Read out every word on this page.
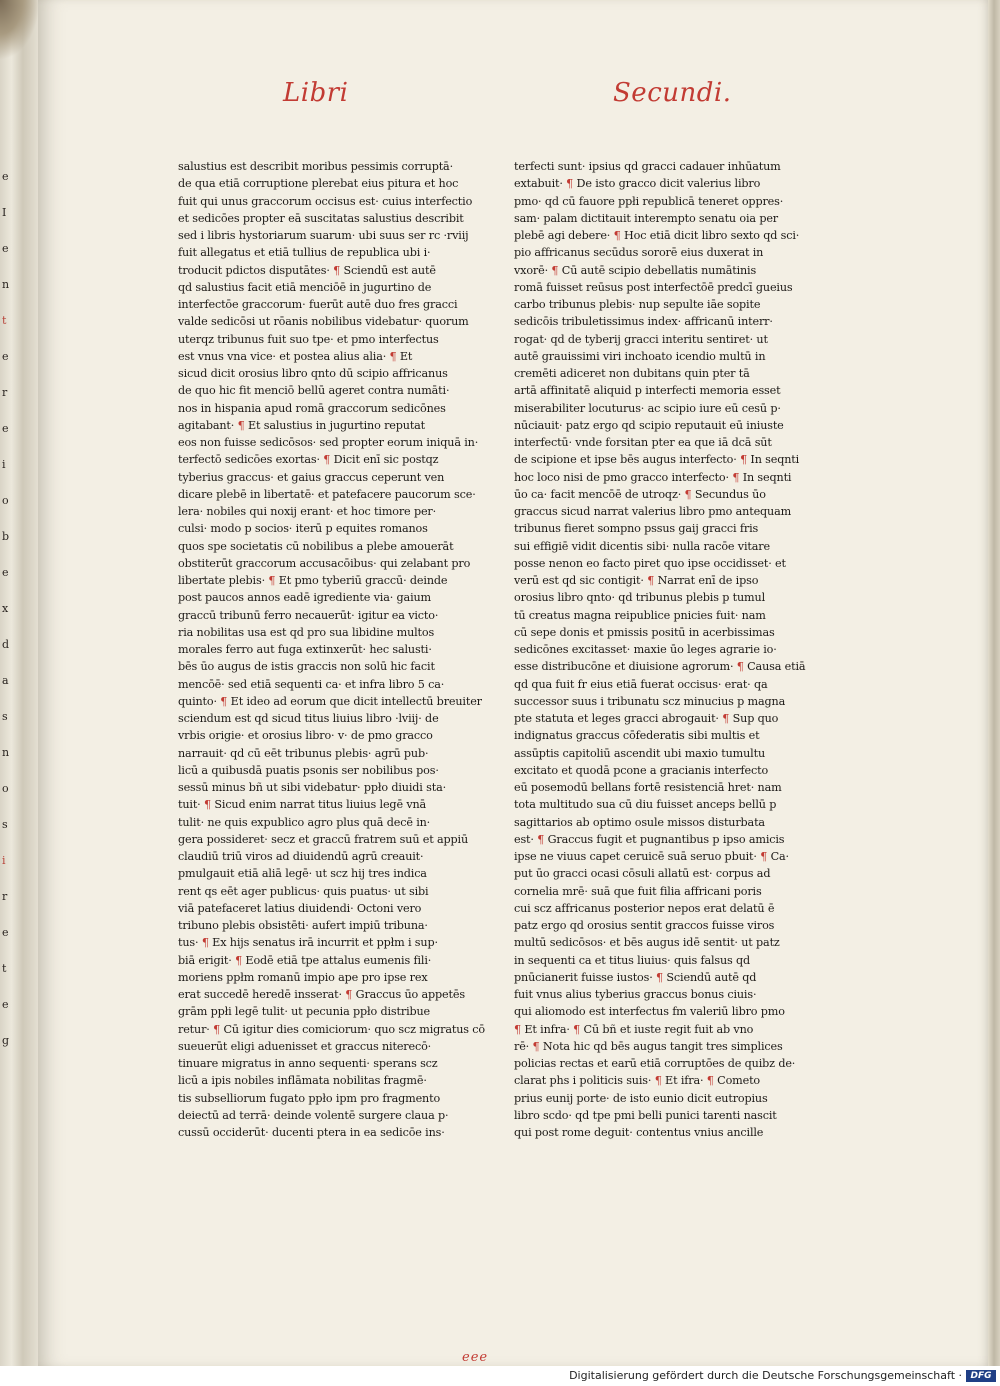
e
I
e
n
t
e
r
e
i
o
b
e
x
d
a
s
n
o
s
i
r
e
t
e
g
Libri	Secundi.
salustius est describit moribus pessimis corruptā·
de qua etiā corruptione plerebat eius pitura et hoc
fuit qui unus graccorum occisus est· cuius interfectio
et sedicōes propter eā suscitatas salustius describit
sed i libris hystoriarum suarum· ubi suus ser rc ·rviij
fuit allegatus et etiā tullius de republica ubi i·
troducit pdictos disputātes· ¶ Sciendū est autē
qd salustius facit etiā menciōē in jugurtino de
interfectōe graccorum· fuerūt autē duo fres gracci
valde sedicōsi ut rōanis nobilibus videbatur· quorum
uterqz tribunus fuit suo tpe· et pmo interfectus
est vnus vna vice· et postea alius alia· ¶ Et
sicud dicit orosius libro qnto dū scipio affricanus
de quo hic fit menciō bellū ageret contra numāti·
nos in hispania apud romā graccorum sedicōnes
agitabant· ¶ Et salustius in jugurtino reputat
eos non fuisse sedicōsos· sed propter eorum iniquā in·
terfectō sedicōes exortas· ¶ Dicit enī sic postqz
tyberius graccus· et gaius graccus ceperunt ven
dicare plebē in libertatē· et patefacere paucorum sce·
lera· nobiles qui noxij erant· et hoc timore per·
culsi· modo p socios· iterū p equites romanos
quos spe societatis cū nobilibus a plebe amouerāt
obstiterūt graccorum accusacōibus· qui zelabant pro
libertate plebis· ¶ Et pmo tyberiū graccū· deinde
post paucos annos eadē igrediente via· gaium
graccū tribunū ferro necauerūt· igitur ea victo·
ria nobilitas usa est qd pro sua libidine multos
morales ferro aut fuga extinxerūt· hec salusti·
bēs ūo augus de istis graccis non solū hic facit
mencōē· sed etiā sequenti ca· et infra libro 5 ca·
quinto· ¶ Et ideo ad eorum que dicit intellectū breuiter
sciendum est qd sicud titus liuius libro ·lviij· de
vrbis origie· et orosius libro· v· de pmo gracco
narrauit· qd cū eēt tribunus plebis· agrū pub·
licū a quibusdā puatis psonis ser nobilibus pos·
sessū minus bñ ut sibi videbatur· ppło diuidi sta·
tuit· ¶ Sicud enim narrat titus liuius legē vnā
tulit· ne quis expublico agro plus quā decē in·
gera possideret· secz et graccū fratrem suū et appiū
claudiū triū viros ad diuidendū agrū creauit·
pmulgauit etiā aliā legē· ut scz hij tres indica
rent qs eēt ager publicus· quis puatus· ut sibi
viā patefaceret latius diuidendi· Octoni vero
tribuno plebis obsistēti· aufert impiū tribuna·
tus· ¶ Ex hijs senatus irā incurrit et ppłm i sup·
biā erigit· ¶ Eodē etiā tpe attalus eumenis fili·
moriens ppłm romanū impio ape pro ipse rex
erat succedē heredē insserat· ¶ Graccus ūo appetēs
grām ppłi legē tulit· ut pecunia ppło distribue
retur· ¶ Cū igitur dies comiciorum· quo scz migratus cō
sueuerūt eligi aduenisset et graccus niterecō·
tinuare migratus in anno sequenti· sperans scz
licū a ipis nobiles inflāmata nobilitas fragmē·
tis subselliorum fugato ppło ipm pro fragmento
deiectū ad terrā· deinde volentē surgere claua p·
cussū occiderūt· ducenti ptera in ea sedicōe ins·
terfecti sunt· ipsius qd gracci cadauer inhūatum
extabuit· ¶ De isto gracco dicit valerius libro
pmo· qd cū fauore ppłi republicā teneret oppres·
sam· palam dictitauit interempto senatu oia per
plebē agi debere· ¶ Hoc etiā dicit libro sexto qd sci·
pio affricanus secūdus sororē eius duxerat in
vxorē· ¶ Cū autē scipio debellatis numātinis
romā fuisset reūsus post interfectōē predcī gueius
carbo tribunus plebis· nup sepulte iāe sopite
sedicōis tribuletissimus index· affricanū interr·
rogat· qd de tyberij gracci interitu sentiret· ut
autē grauissimi viri inchoato icendio multū in
cremēti adiceret non dubitans quin pter tā
artā affinitatē aliquid p interfecti memoria esset
miserabiliter locuturus· ac scipio iure eū cesū p·
nūciauit· patz ergo qd scipio reputauit eū iniuste
interfectū· vnde forsitan pter ea que iā dcā sūt
de scipione et ipse bēs augus interfecto· ¶ In seqnti
hoc loco nisi de pmo gracco interfecto· ¶ In seqnti
ūo ca· facit mencōē de utroqz· ¶ Secundus ūo
graccus sicud narrat valerius libro pmo antequam
tribunus fieret sompno pssus gaij gracci fris
sui effigiē vidit dicentis sibi· nulla racōe vitare
posse nenon eo facto piret quo ipse occidisset· et
verū est qd sic contigit· ¶ Narrat enī de ipso
orosius libro qnto· qd tribunus plebis p tumul
tū creatus magna reipublice pnicies fuit· nam
cū sepe donis et pmissis positū in acerbissimas
sedicōnes excitasset· maxie ūo leges agrarie io·
esse distribucōne et diuisione agrorum· ¶ Causa etiā
qd qua fuit fr eius etiā fuerat occisus· erat· qa
successor suus i tribunatu scz minucius p magna
pte statuta et leges gracci abrogauit· ¶ Sup quo
indignatus graccus cōfederatis sibi multis et
assūptis capitoliū ascendit ubi maxio tumultu
excitato et quodā pcone a gracianis interfecto
eū posemodū bellans fortē resistenciā hret· nam
tota multitudo sua cū diu fuisset anceps bellū p
sagittarios ab optimo osule missos disturbata
est· ¶ Graccus fugit et pugnantibus p ipso amicis
ipse ne viuus capet ceruicē suā seruo pbuit· ¶ Ca·
put ūo gracci ocasi cōsuli allatū est· corpus ad
cornelia mrē· suā que fuit filia affricani poris
cui scz affricanus posterior nepos erat delatū ē
patz ergo qd orosius sentit graccos fuisse viros
multū sedicōsos· et bēs augus idē sentit· ut patz
in sequenti ca et titus liuius· quis falsus qd
pnūcianerit fuisse iustos· ¶ Sciendū autē qd
fuit vnus alius tyberius graccus bonus ciuis·
qui aliomodo est interfectus fm valeriū libro pmo
¶ Et infra· ¶ Cū bñ et iuste regit fuit ab vno
rē· ¶ Nota hic qd bēs augus tangit tres simplices
policias rectas et earū etiā corruptōes de quibz de·
clarat phs i politicis suis· ¶ Et ifra· ¶ Cometo
prius eunij porte· de isto eunio dicit eutropius
libro scdo· qd tpe pmi belli punici tarenti nascit
qui post rome deguit· contentus vnius ancille
eee
Digitalisierung gefördert durch die Deutsche Forschungsgemeinschaft · DFG
